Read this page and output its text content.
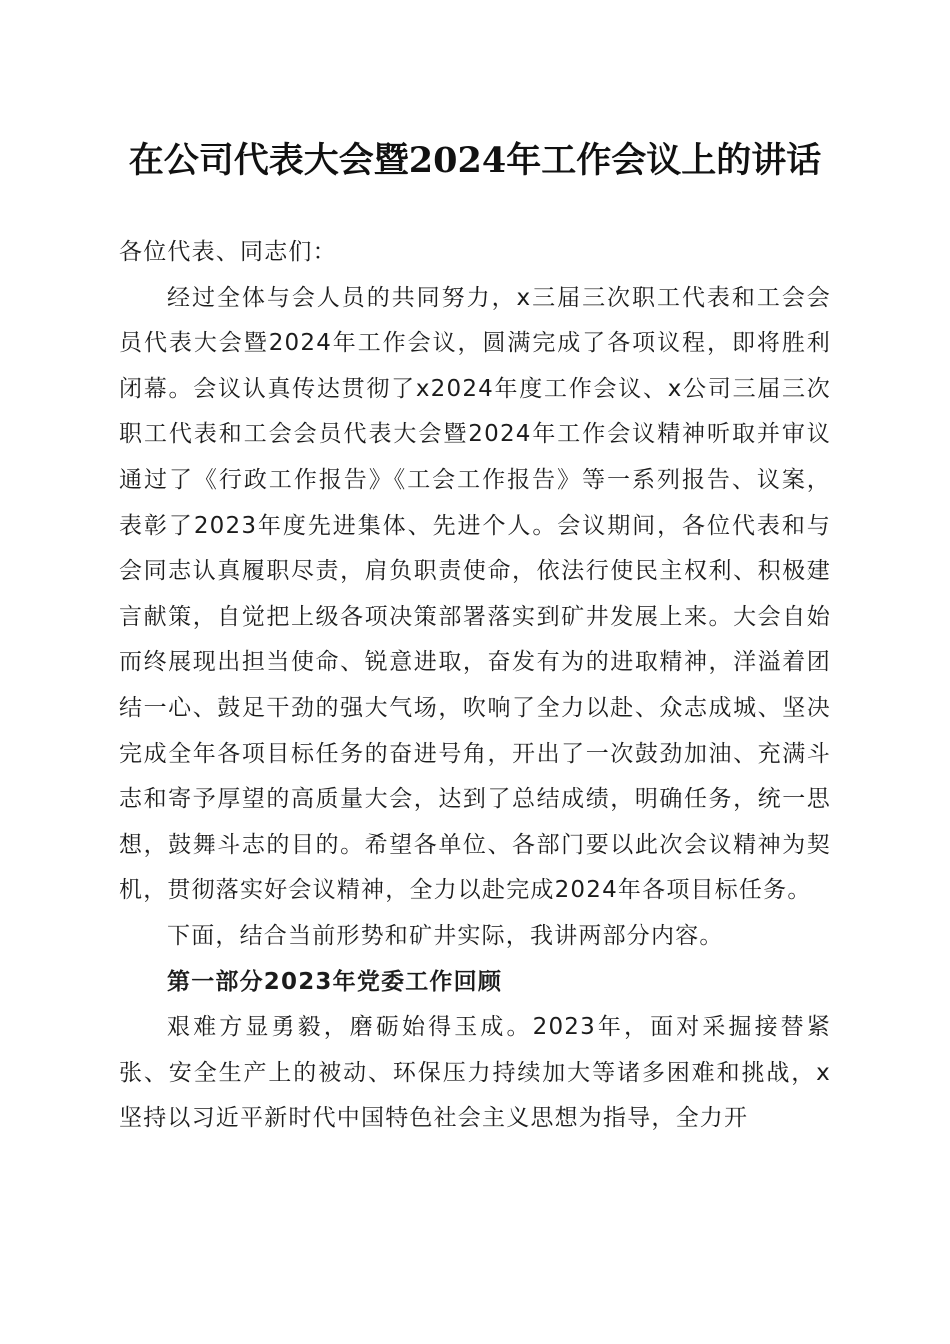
在公司代表大会暨2024年工作会议上的讲话

各位代表、同志们：

经过全体与会人员的共同努力，x三届三次职工代表和工会会员代表大会暨2024年工作会议，圆满完成了各项议程，即将胜利闭幕。会议认真传达贯彻了x2024年度工作会议、x公司三届三次职工代表和工会会员代表大会暨2024年工作会议精神听取并审议通过了《行政工作报告》《工会工作报告》等一系列报告、议案，表彰了2023年度先进集体、先进个人。会议期间，各位代表和与会同志认真履职尽责，肩负职责使命，依法行使民主权利、积极建言献策，自觉把上级各项决策部署落实到矿井发展上来。大会自始而终展现出担当使命、锐意进取，奋发有为的进取精神，洋溢着团结一心、鼓足干劲的强大气场，吹响了全力以赴、众志成城、坚决完成全年各项目标任务的奋进号角，开出了一次鼓劲加油、充满斗志和寄予厚望的高质量大会，达到了总结成绩，明确任务，统一思想，鼓舞斗志的目的。希望各单位、各部门要以此次会议精神为契机，贯彻落实好会议精神，全力以赴完成2024年各项目标任务。

下面，结合当前形势和矿井实际，我讲两部分内容。

第一部分2023年党委工作回顾

艰难方显勇毅，磨砺始得玉成。2023年，面对采掘接替紧张、安全生产上的被动、环保压力持续加大等诸多困难和挑战，x坚持以习近平新时代中国特色社会主义思想为指导，全力开
